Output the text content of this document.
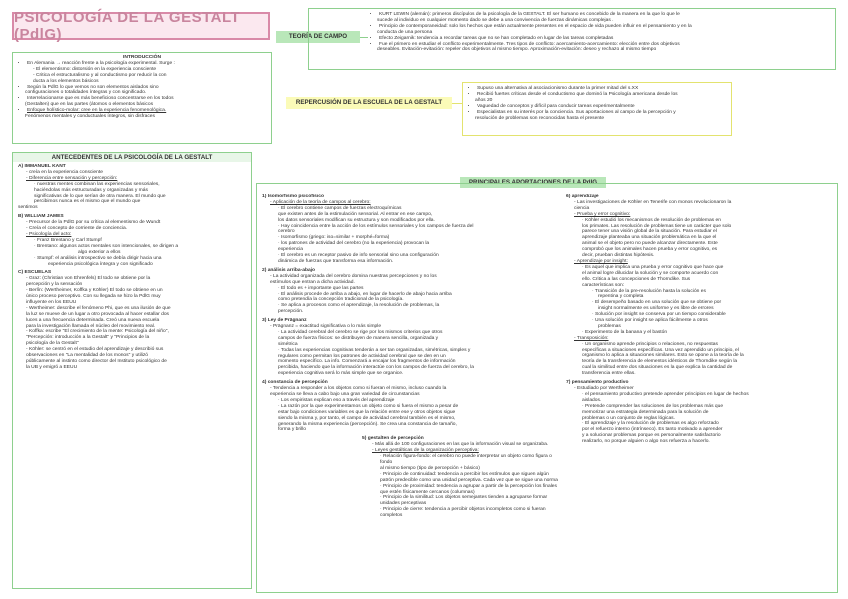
PSICOLOGÍA DE LA GESTALT (PdlG)
INTRODUCCIÓN
• En Alemania → reacción frente a la psicología experimental. Surge :
- El elementismo: distorsión en la experiencia consciente
- Critica el estructuralismo y al conductismo por reducir la con
ducta a los elementos básicos
• Según la PdlG lo que vemos no son elementos aislados sino
configuraciones o totalidades íntegras y con significado.
• Interrelacionarse que es más beneficioso concentrarse en los todos
(Gestalten) que en las partes (átomos o elementos básicos
• Enfoque holístico-molar: cree en la experiencia fenomenológica.
Fenómenos mentales y conductuales íntegros, sin disfraces
TEORÍA DE CAMPO
• KURT LEWIN (alemán): primeros discípulos de la psicología de la GESTALT. El ser humano es concebido de la manera en la que lo que le
sucede al individuo en cualquier momento dado se debe a una convivencia de fuerzas dinámicas complejas .
• Principio de contemporaneidad: solo los hechos que están actualmente presentes en el espacio de vida pueden influir en el pensamiento y en la
conducta de una persona
• Efecto Zeigarnik: tendencia a recordar tareas que no se han completado en lugar de las tareas completadas
• Fue el primero en estudiar el conflicto experimentalmente. Tres tipos de conflicto: acercamiento-acercamiento: elección entre dos objetivos
deseables. Evitación-evitación: repeler dos objetivos al mismo tiempo. Aproximación-evitación: deseo y rechazo al mismo tiempo
REPERCUSIÓN DE LA ESCUELA DE LA GESTALT
• Supuso una alternativa al asociacionismo durante la primer mitad del s.XX
• Recibió fuertes críticas desde el conductismo que dominó la Psicología americana desde los
años 20
• Vaguedad de conceptos y difícil para conducir tareas experimentalmente
• Especialistas en su interés por la conciencia. Sus aportaciones al campo de la percepción y
resolución de problemas son reconocidas hasta el presente
ANTECEDENTES DE LA PSICOLOGÍA DE LA GESTALT
A) IMMANUEL KANT
- creía en la experiencia consciente
- Diferencia entre sensación y percepción:
· nuestras mentes combinan las experiencias sensoriales,
haciéndolas más estructuradas y organizadas y más
significativas de lo que serían de otra manera. El mundo que
percibimos nunca es el mismo que el mundo que
sentimos
B) WILLIAM JAMES
- Precursor de la PdlG por su crítica al elementismo de Wundt
- Creía el concepto de corriente de conciencia.
- Psicología del acto:
· Franz Brentano y Carl Stumpf
· Brentano: algunos actos mentales son intencionales, se dirigen a
algo exterior a ellos
· Stumpf: el análisis introspectivo se debía dirigir hacia una
experiencia psicológica íntegra y con significado
C) ESCUELAS
- Graz: (Christian von Ehrenfels) El todo se obtiene por la
percepción y la sensación
- Berlín: (Wertheimer, Koffka y Köhler) El todo se obtiene en un
único proceso perceptivo. Con su llegada se hizo la PdlG muy
influyente en los EEUU
- Wertheimer: describe el fenómeno Phi, que es una ilusión de que
la luz se mueve de un lugar a otro provocada al hacer estallar dos
luces a una frecuencia determinada. Creó una nueva escuela
para la investigación llamada el núcleo del movimiento real.
- Koffka: escribe "El crecimiento de la mente: Psicología del niño",
"Percepción: introducción a la Gestalt" y "Principios de la
psicología de la Gestalt"
- Köhler: se centró en el estudio del aprendizaje y describió sus
observaciones en "La mentalidad de los monos" y utilizó
públicamente al instinto como director del Instituto psicológico de
la UB y emigró a EEUU
PRINCIPALES APORTACIONES DE LA PdlG
1) Isomorfismo psicofísico
- Aplicación de la teoría de campos al cerebro:
· El cerebro contiene campos de fuerzas electroquímicas
que existen antes de la estimulación sensorial. Al entrar en ese campo,
los datos sensoriales modifican su estructura y son modificados por ella.
· Hay coincidencia entre la acción de los estímulos sensoriales y los campos de fuerza del
cerebro
· Isomorfismo (griego: iso=similar + morphé=forma)
· los patrones de actividad del cerebro (no la experiencia) provocan la
experiencia
· El cerebro es un receptor pasivo de info sensorial sino una configuración
dinámica de fuerzas que transforma esa información.
2) análisis arriba-abajo
- La actividad organizada del cerebro domina nuestras percepciones y no los
estímulos que entran a dicha actividad.
· El todo es + importante que las partes
· El análisis procede de arriba a abajo, en lugar de hacerlo de abajo hacia arriba
como pretendía la concepción tradicional de la psicología.
· Se aplica a procesos como el aprendizaje, la resolución de problemas, la
percepción.
3) Ley de Prägnanz
- Prägnanz = exactitud significativa o lo más simple
· La actividad cerebral del cerebro se rige por los mismos criterios que otros
campos de fuerza físicos: se distribuyen de manera sencilla, organizada y
simétrica
· Todas las experiencias cognitivas tenderán a ser tan organizadas, simétricas, simples y
regulares como permitan los patrones de actividad cerebral que se den en un
momento específico. La info. Comenzará a encajar los fragmentos de información
percibida, haciendo que la información interactúe con los campos de fuerza del cerebro, la
experiencia cognitiva será lo más simple que se organice.
4) constancia de percepción
- Tendencia a responder a los objetos como si fueran el mismo, incluso cuando la
experiencia se lleva a cabo bajo una gran variedad de circunstancias
· Los empiristas explican eso a través del aprendizaje
· La razón por la que experimentamos un objeto como si fuera el mismo a pesar de
estar bajo condiciones variables es que la relación entre ese y otros objetos sigue
siendo la misma y, por tanto, el campo de actividad cerebral también es el mismo,
generando la misma experiencia (percepción). Se crea una constancia de tamaño,
forma y brillo
5) gestalten de percepción
- Más allá de 100 configuraciones en las que la información visual se organizaba.
- Leyes gestálticas de la organización perceptiva:
· Relación figura-fondo: el cerebro no puede interpretar un objeto como figura o fondo
al mismo tiempo (tipo de percepción + básico)
· Principio de continuidad: tendencia a percibir los estímulos que siguen algún
patrón predecible como una unidad perceptiva. Cada vez que se sigue una norma
· Principio de proximidad: tendencia a agrupar a partir de la percepción los finales
que estén físicamente cercanos (columnas)
· Principio de la similitud: Los objetos semejantes tienden a agruparse formar
unidades perceptivas
· Principio de cierre: tendencia a percibir objetos incompletos como si fueran
completos
6) aprendizaje
- Las investigaciones de Köhler en Tenerife con monos revolucionaron la
ciencia
- Prueba y error cognitivo:
· Köhler estudió los mecanismos de resolución de problemas en
los primates. Las resolución de problemas tiene un carácter que solo
parece tener una visión global de la situación. Para estudiar el
aprendizaje planteaba una situación problemática en la que el
animal se el objeto pero no puede alcanzar directamente. Este
comprobó que los animales hacen prueba y error cognitivo, es
decir, prueban distintas hipótesis.
- Aprendizaje por insight:
· Es aquel que implica una prueba y error cognitivo que hace que
el animal logre dilucidar la solución y se comporte acuerdo con
ello. Critica a las concepciones de Thorndike. Sus
características son:
· Transición de la pre-resolución hasta la solución es
repentina y completa
· El desempeño basado en una solución que se obtiene por
insight normalmente es uniforme y es libre de errores
· Solución por insight se conserva por un tiempo considerable
· Una solución por insight se aplica fácilmente a otros
problemas
· Experimento de la banana y el bastón
- Transposición:
· Un organismo aprende principios o relaciones, no respuestas
específicas a situaciones específicas. Una vez aprendido un principio, el
organismo lo aplica a situaciones similares. Esto se opone a la teoría de la
teoría de la transferencia de elementos idénticos de Thorndike según la
cual la similitud entre dos situaciones es la que explica la cantidad de
transferencia entre ellas.
7) pensamiento productivo
- Estudiado por Wertheimer
· el pensamiento productivo pretende aprender principios en lugar de hechos
aislados.
· Pretende comprender las soluciones de los problemas más que
memorizar una estrategia determinada para la solución de
problemas o un conjunto de reglas lógicas.
· El aprendizaje y la resolución de problemas es algo reforzado
por el refuerzo interno (intrínseco). Es tanto motivado a aprender
y a solucionar problemas porque es personalmente satisfactorio
realizarlo, no porque alguien o algo nos refuerza a hacerlo.
